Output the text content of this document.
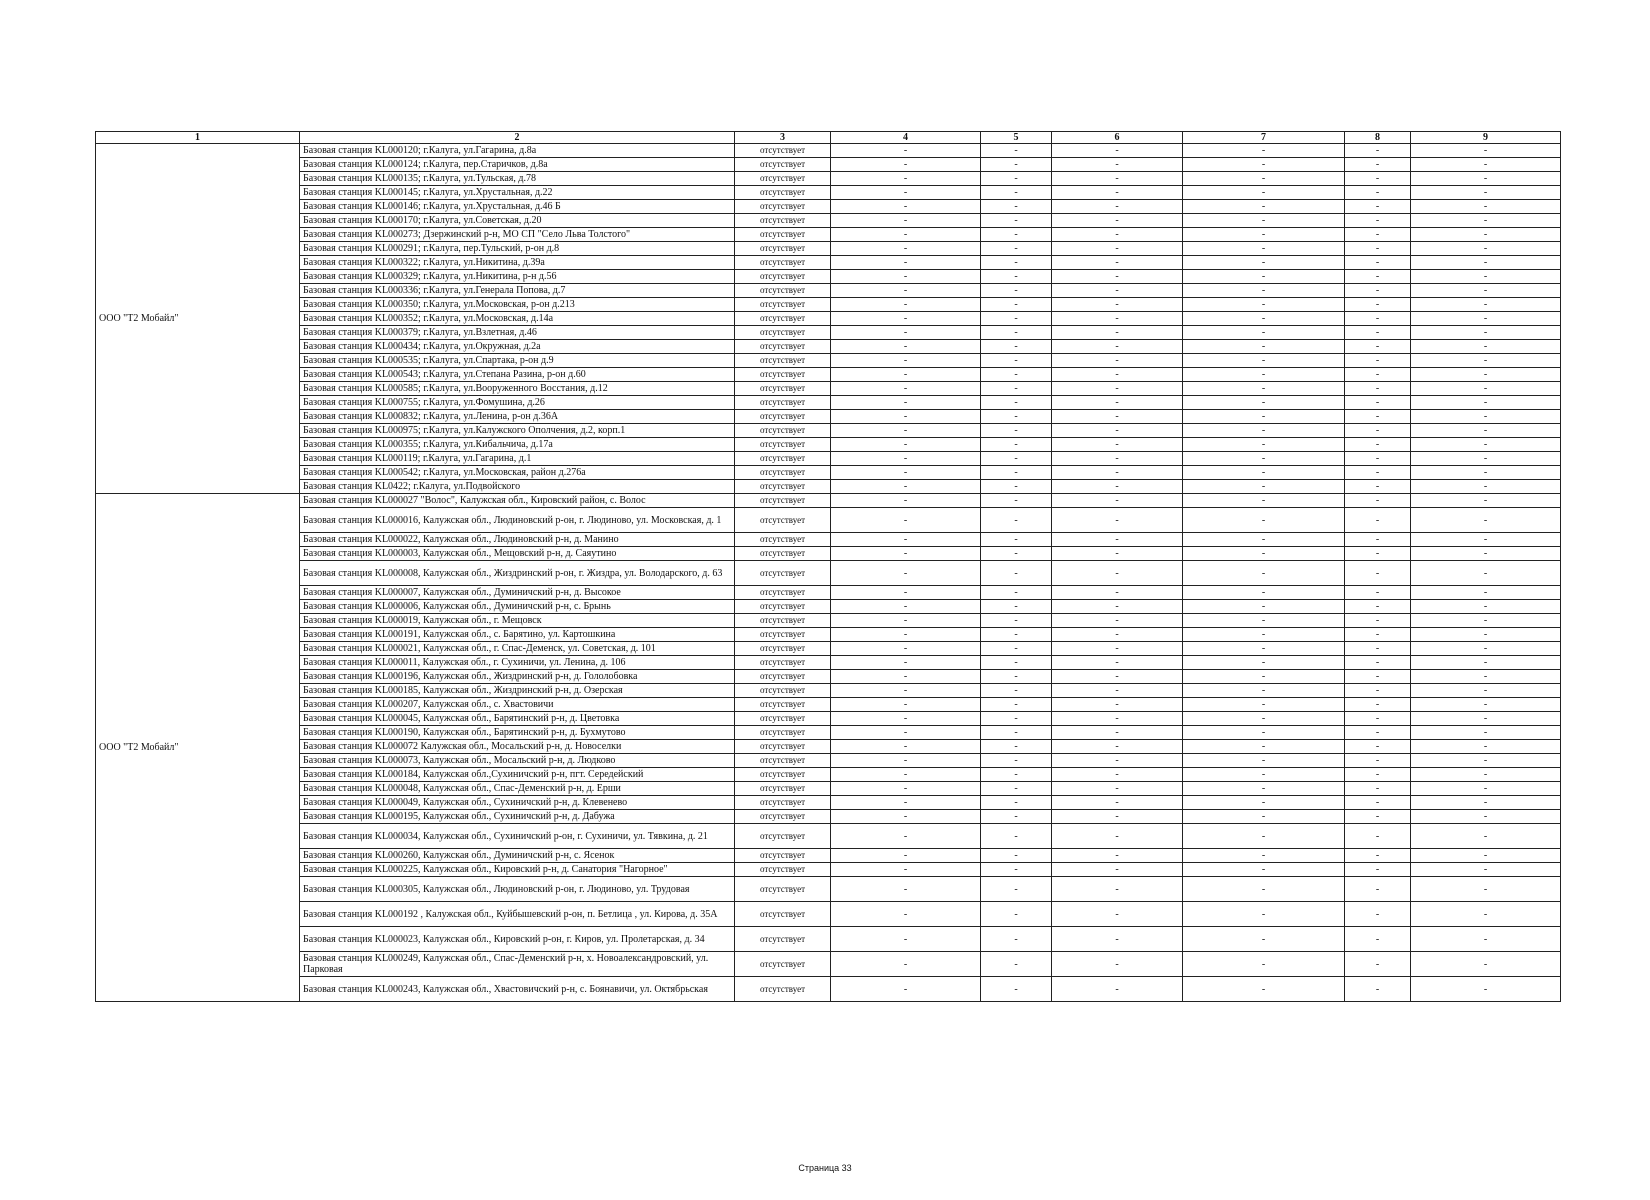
1	2	3	4	5	6	7	8	9
ООО "Т2 Мобайл"	Базовая станция KL000120; г.Калуга, ул.Гагарина, д.8а	отсутствует	-	-	-	-	-	-
	Базовая станция KL000124; г.Калуга, пер.Старичков, д.8а	отсутствует	-	-	-	-	-	-
	Базовая станция KL000135; г.Калуга, ул.Тульская, д.78	отсутствует	-	-	-	-	-	-
	Базовая станция KL000145; г.Калуга, ул.Хрустальная, д.22	отсутствует	-	-	-	-	-	-
	Базовая станция KL000146; г.Калуга, ул.Хрустальная, д.46 Б	отсутствует	-	-	-	-	-	-
	Базовая станция KL000170; г.Калуга, ул.Советская, д.20	отсутствует	-	-	-	-	-	-
	Базовая станция KL000273; Дзержинский р-н, МО СП "Село Льва Толстого"	отсутствует	-	-	-	-	-	-
	Базовая станция KL000291; г.Калуга, пер.Тульский, р-он д.8	отсутствует	-	-	-	-	-	-
	Базовая станция KL000322; г.Калуга, ул.Никитина, д.39а	отсутствует	-	-	-	-	-	-
	Базовая станция KL000329; г.Калуга, ул.Никитина, р-н д.56	отсутствует	-	-	-	-	-	-
	Базовая станция KL000336; г.Калуга, ул.Генерала Попова, д.7	отсутствует	-	-	-	-	-	-
	Базовая станция KL000350; г.Калуга, ул.Московская, р-он д.213	отсутствует	-	-	-	-	-	-
	Базовая станция KL000352; г.Калуга, ул.Московская, д.14а	отсутствует	-	-	-	-	-	-
	Базовая станция KL000379; г.Калуга, ул.Взлетная, д.46	отсутствует	-	-	-	-	-	-
	Базовая станция KL000434; г.Калуга, ул.Окружная, д.2а	отсутствует	-	-	-	-	-	-
	Базовая станция KL000535; г.Калуга, ул.Спартака, р-он д.9	отсутствует	-	-	-	-	-	-
	Базовая станция KL000543; г.Калуга, ул.Степана Разина, р-он д.60	отсутствует	-	-	-	-	-	-
	Базовая станция KL000585; г.Калуга, ул.Вооруженного Восстания, д.12	отсутствует	-	-	-	-	-	-
	Базовая станция KL000755; г.Калуга, ул.Фомушина, д.26	отсутствует	-	-	-	-	-	-
	Базовая станция KL000832; г.Калуга, ул.Ленина, р-он д.36А	отсутствует	-	-	-	-	-	-
	Базовая станция KL000975; г.Калуга, ул.Калужского Ополчения, д.2, корп.1	отсутствует	-	-	-	-	-	-
	Базовая станция KL000355; г.Калуга, ул.Кибальчича, д.17а	отсутствует	-	-	-	-	-	-
	Базовая станция KL000119; г.Калуга, ул.Гагарина, д.1	отсутствует	-	-	-	-	-	-
	Базовая станция KL000542; г.Калуга, ул.Московская, район д.276а	отсутствует	-	-	-	-	-	-
	Базовая станция KL0422; г.Калуга, ул.Подвойского	отсутствует	-	-	-	-	-	-
ООО "Т2 Мобайл"	Базовая станция KL000027 "Волос", Калужская обл., Кировский район, с. Волос	отсутствует	-	-	-	-	-	-
	Базовая станция KL000016, Калужская обл., Людиновский р-он, г. Людиново, ул. Московская, д. 1	отсутствует	-	-	-	-	-	-
	Базовая станция KL000022, Калужская обл., Людиновский р-н, д. Манино	отсутствует	-	-	-	-	-	-
	Базовая станция KL000003, Калужская обл., Мещовский р-н, д. Саяутино	отсутствует	-	-	-	-	-	-
	Базовая станция KL000008, Калужская обл., Жиздринский р-он, г. Жиздра, ул. Володарского, д. 63	отсутствует	-	-	-	-	-	-
	Базовая станция KL000007, Калужская обл., Думиничский р-н, д. Высокое	отсутствует	-	-	-	-	-	-
	Базовая станция KL000006, Калужская обл., Думиничский р-н, с. Брынь	отсутствует	-	-	-	-	-	-
	Базовая станция KL000019, Калужская обл., г. Мещовск	отсутствует	-	-	-	-	-	-
	Базовая станция KL000191, Калужская обл., с. Барятино, ул. Картошкина	отсутствует	-	-	-	-	-	-
	Базовая станция KL000021, Калужская обл., г. Спас-Деменск, ул. Советская, д. 101	отсутствует	-	-	-	-	-	-
	Базовая станция KL000011, Калужская обл., г. Сухиничи, ул. Ленина, д. 106	отсутствует	-	-	-	-	-	-
	Базовая станция KL000196, Калужская обл., Жиздринский р-н, д. Гололобовка	отсутствует	-	-	-	-	-	-
	Базовая станция KL000185, Калужская обл., Жиздринский р-н, д. Озерская	отсутствует	-	-	-	-	-	-
	Базовая станция KL000207, Калужская обл., с. Хвастовичи	отсутствует	-	-	-	-	-	-
	Базовая станция KL000045, Калужская обл., Барятинский р-н, д. Цветовка	отсутствует	-	-	-	-	-	-
	Базовая станция KL000190, Калужская обл., Барятинский р-н, д. Бухмутово	отсутствует	-	-	-	-	-	-
	Базовая станция KL000072 Калужская обл., Мосальский р-н, д. Новоселки	отсутствует	-	-	-	-	-	-
	Базовая станция KL000073, Калужская обл., Мосальский р-н, д. Людково	отсутствует	-	-	-	-	-	-
	Базовая станция KL000184, Калужская обл.,Сухиничский р-н, пгт. Середейский	отсутствует	-	-	-	-	-	-
	Базовая станция KL000048, Калужская обл., Спас-Деменский р-н, д. Ерши	отсутствует	-	-	-	-	-	-
	Базовая станция KL000049, Калужская обл., Сухиничский р-н, д. Клевенево	отсутствует	-	-	-	-	-	-
	Базовая станция KL000195, Калужская обл., Сухиничский р-н, д. Дабужа	отсутствует	-	-	-	-	-	-
	Базовая станция KL000034, Калужская обл., Сухиничский р-он, г. Сухиничи, ул. Тявкина, д. 21	отсутствует	-	-	-	-	-	-
	Базовая станция KL000260, Калужская обл., Думиничский р-н, с. Ясенок	отсутствует	-	-	-	-	-	-
	Базовая станция KL000225, Калужская обл., Кировский р-н, д. Санатория "Нагорное"	отсутствует	-	-	-	-	-	-
	Базовая станция KL000305, Калужская обл., Людиновский р-он, г. Людиново, ул. Трудовая	отсутствует	-	-	-	-	-	-
	Базовая станция KL000192 , Калужская обл., Куйбышевский р-он, п. Бетлица , ул. Кирова, д. 35А	отсутствует	-	-	-	-	-	-
	Базовая станция KL000023, Калужская обл., Кировский р-он, г. Киров, ул. Пролетарская, д. 34	отсутствует	-	-	-	-	-	-
	Базовая станция KL000249, Калужская обл., Спас-Деменский р-н, х. Новоалександровский, ул. Парковая	отсутствует	-	-	-	-	-	-
	Базовая станция KL000243, Калужская обл., Хвастовичский р-н, с. Боянавичи, ул. Октябрьская	отсутствует	-	-	-	-	-	-
Страница 33
